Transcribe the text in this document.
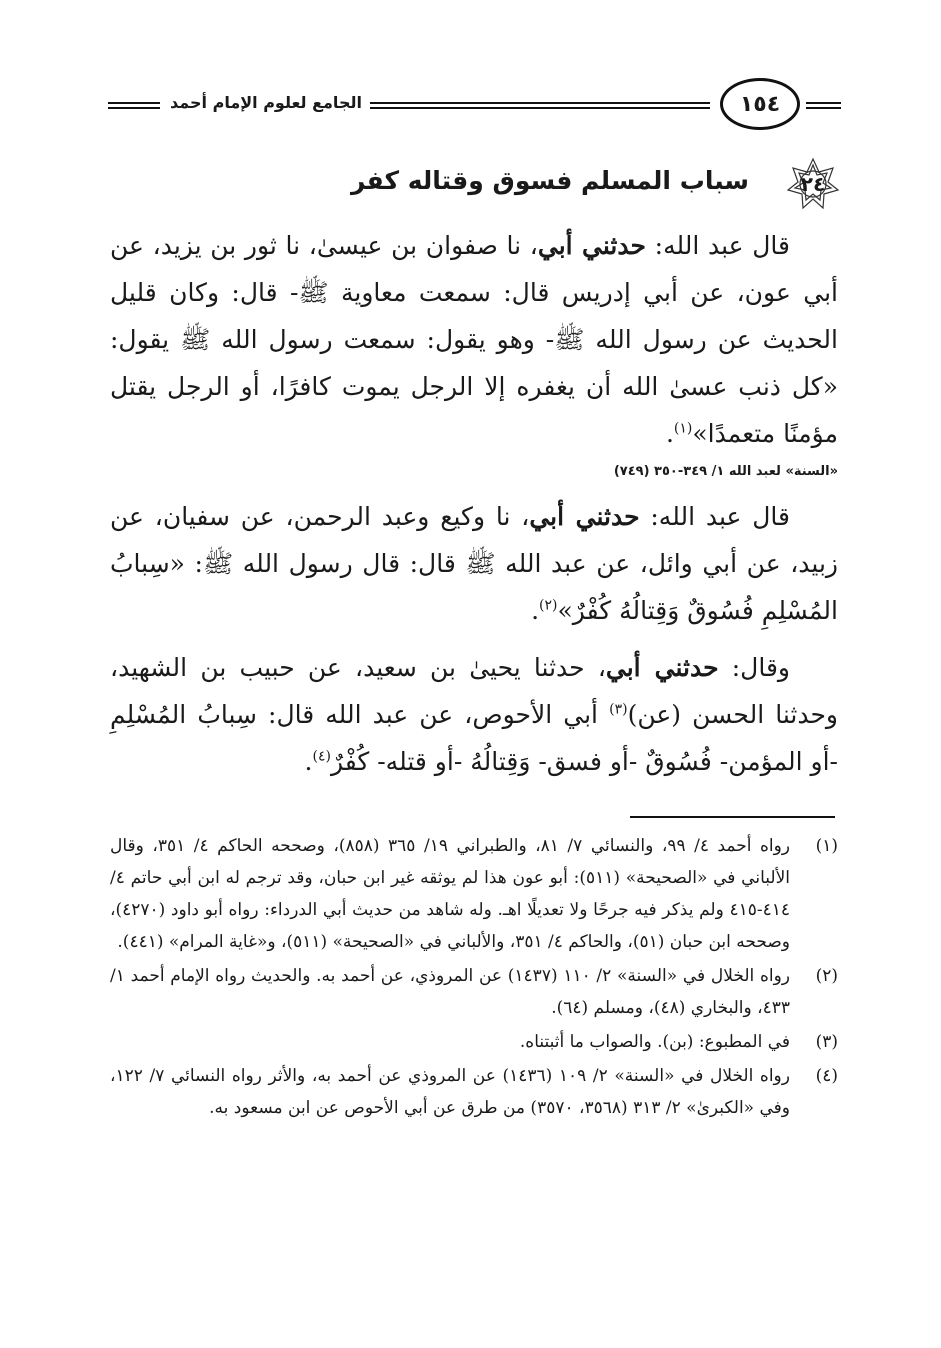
الجامع لعلوم الإمام أحمد	١٥٤
٢٤
سباب المسلم فسوق وقتاله كفر

قال عبد الله: حدثني أبي، نا صفوان بن عيسىٰ، نا ثور بن يزيد، عن أبي عون، عن أبي إدريس قال: سمعت معاوية ﷺ- قال: وكان قليل الحديث عن رسول الله ﷺ- وهو يقول: سمعت رسول الله ﷺ يقول: «كل ذنب عسىٰ الله أن يغفره إلا الرجل يموت كافرًا، أو الرجل يقتل مؤمنًا متعمدًا»$^{(١)}$.

«السنة» لعبد الله ١/ ٣٤٩-٣٥٠ (٧٤٩)

قال عبد الله: حدثني أبي، نا وكيع وعبد الرحمن، عن سفيان، عن زبيد، عن أبي وائل، عن عبد الله ﷺ قال: قال رسول الله ﷺ: «سِبابُ المُسْلِمِ فُسُوقٌ وَقِتالُهُ كُفْرٌ»$^{(٢)}$.

وقال: حدثني أبي، حدثنا يحيىٰ بن سعيد، عن حبيب بن الشهيد، وحدثنا الحسن (عن)$^{(٣)}$ أبي الأحوص، عن عبد الله قال: سِبابُ المُسْلِمِ -أو المؤمن- فُسُوقٌ -أو فسق- وَقِتالُهُ -أو قتله- كُفْرٌ$^{(٤)}$.

(١)
رواه أحمد ٤/ ٩٩، والنسائي ٧/ ٨١، والطبراني ١٩/ ٣٦٥ (٨٥٨)، وصححه الحاكم ٤/ ٣٥١، وقال الألباني في «الصحيحة» (٥١١): أبو عون هذا لم يوثقه غير ابن حبان، وقد ترجم له ابن أبي حاتم ٤/ ٤١٤-٤١٥ ولم يذكر فيه جرحًا ولا تعديلًا اهـ. وله شاهد من حديث أبي الدرداء: رواه أبو داود (٤٢٧٠)، وصححه ابن حبان (٥١)، والحاكم ٤/ ٣٥١، والألباني في «الصحيحة» (٥١١)، و«غاية المرام» (٤٤١).
(٢)
رواه الخلال في «السنة» ٢/ ١١٠ (١٤٣٧) عن المروذي، عن أحمد به. والحديث رواه الإمام أحمد ١/ ٤٣٣، والبخاري (٤٨)، ومسلم (٦٤).
(٣)
في المطبوع: (بن). والصواب ما أثبتناه.
(٤)
رواه الخلال في «السنة» ٢/ ١٠٩ (١٤٣٦) عن المروذي عن أحمد به، والأثر رواه النسائي ٧/ ١٢٢، وفي «الكبرىٰ» ٢/ ٣١٣ (٣٥٦٨، ٣٥٧٠) من طرق عن أبي الأحوص عن ابن مسعود به.
